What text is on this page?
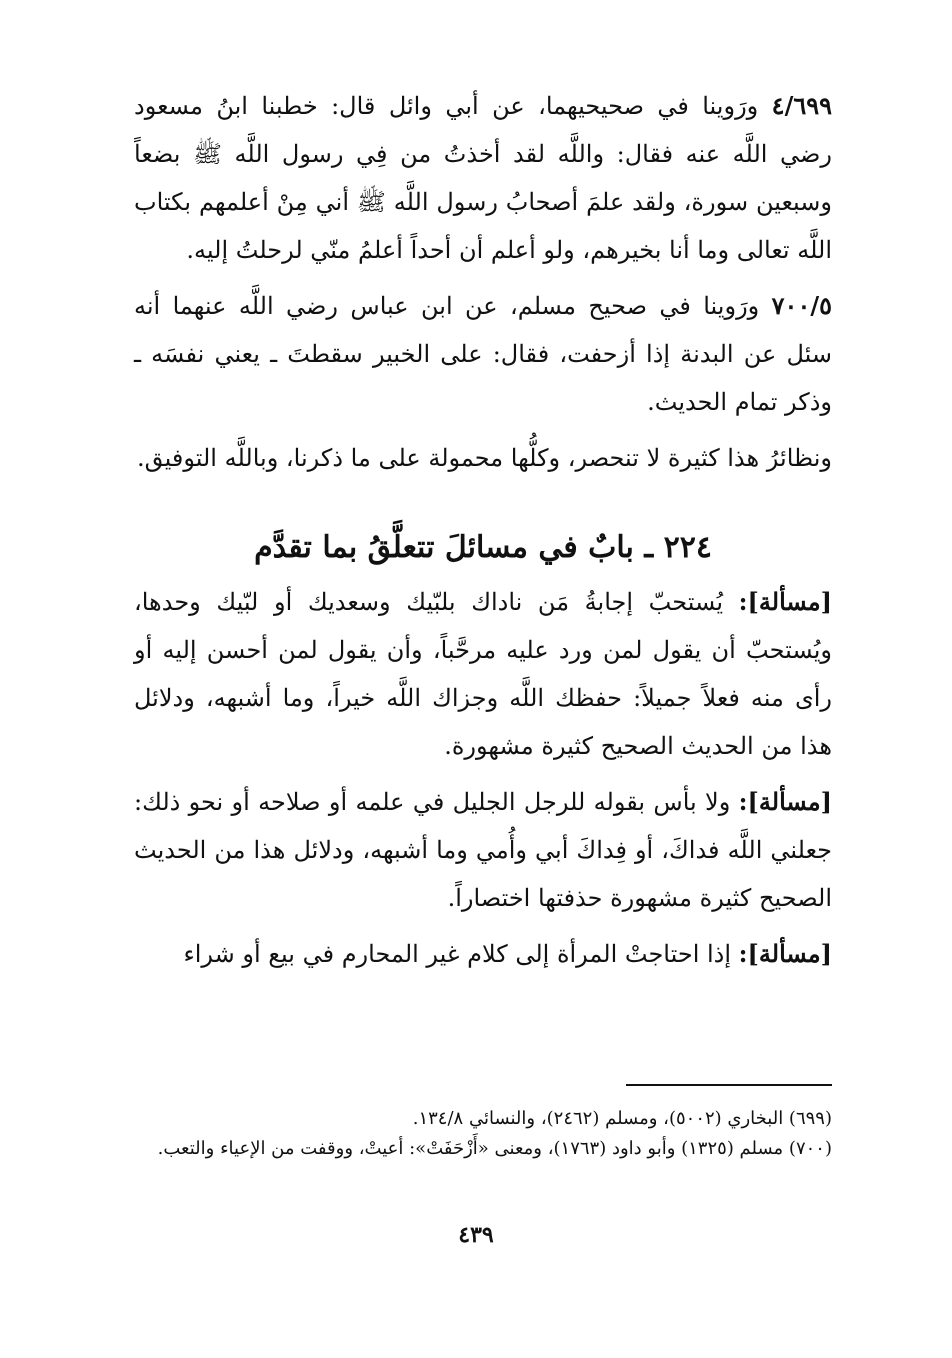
٤/٦٩٩ ورَوينا في صحيحيهما، عن أبي وائل قال: خطبنا ابنُ مسعود رضي اللَّه عنه فقال: واللَّه لقد أخذتُ من فِي رسول اللَّه ﷺ بضعاً وسبعين سورة، ولقد علمَ أصحابُ رسول اللَّه ﷺ أني مِنْ أعلمهم بكتاب اللَّه تعالى وما أنا بخيرهم، ولو أعلم أن أحداً أعلمُ منّي لرحلتُ إليه.

٧٠٠/٥ ورَوينا في صحيح مسلم، عن ابن عباس رضي اللَّه عنهما أنه سئل عن البدنة إذا أزحفت، فقال: على الخبير سقطتَ ـ يعني نفسَه ـ وذكر تمام الحديث.

ونظائرُ هذا كثيرة لا تنحصر، وكلُّها محمولة على ما ذكرنا، وباللَّه التوفيق.

٢٢٤ ـ بابٌ في مسائلَ تتعلَّقُ بما تقدَّم

[مسألة]: يُستحبّ إجابةُ مَن ناداك بلبّيك وسعديك أو لبّيك وحدها، ويُستحبّ أن يقول لمن ورد عليه مرحَّباً، وأن يقول لمن أحسن إليه أو رأى منه فعلاً جميلاً: حفظك اللَّه وجزاك اللَّه خيراً، وما أشبهه، ودلائل هذا من الحديث الصحيح كثيرة مشهورة.

[مسألة]: ولا بأس بقوله للرجل الجليل في علمه أو صلاحه أو نحو ذلك: جعلني اللَّه فداكَ، أو فِداكَ أبي وأُمي وما أشبهه، ودلائل هذا من الحديث الصحيح كثيرة مشهورة حذفتها اختصاراً.

[مسألة]: إذا احتاجتْ المرأة إلى كلام غير المحارم في بيع أو شراء

(٦٩٩) البخاري (٥٠٠٢)، ومسلم (٢٤٦٢)، والنسائي ١٣٤/٨.

(٧٠٠) مسلم (١٣٢٥) وأبو داود (١٧٦٣)، ومعنى «أَزْحَفَتْ»: أعيتْ، ووقفت من الإعياء والتعب.

٤٣٩
